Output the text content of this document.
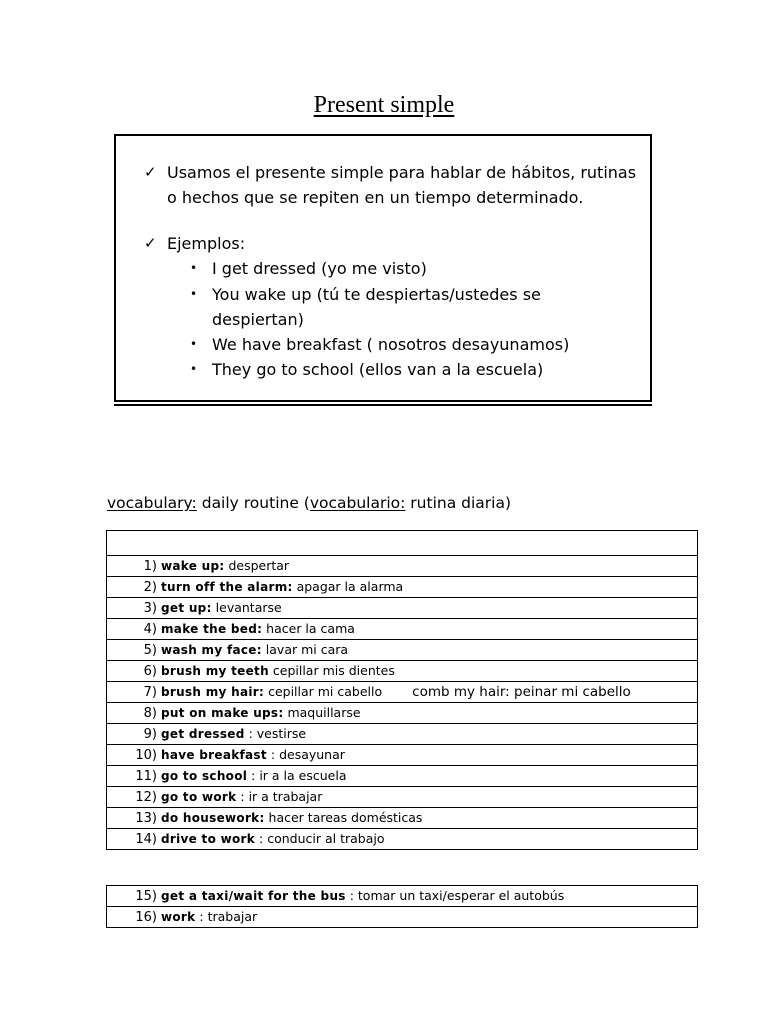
Present simple
✓ Usamos el presente simple para hablar de hábitos, rutinas
o hechos que se repiten en un tiempo determinado.
✓ Ejemplos:
• I get dressed (yo me visto)
• You wake up (tú te despiertas/ustedes se
despiertan)
• We have breakfast ( nosotros desayunamos)
• They go to school (ellos van a la escuela)
vocabulary: daily routine (vocabulario: rutina diaria)

1) wake up: despertar
2) turn off the alarm: apagar la alarma
3) get up: levantarse
4) make the bed: hacer la cama
5) wash my face: lavar mi cara
6) brush my teeth cepillar mis dientes
7) brush my hair: cepillar mi cabello comb my hair: peinar mi cabello
8) put on make ups: maquillarse
9) get dressed : vestirse
10) have breakfast : desayunar
11) go to school : ir a la escuela
12) go to work : ir a trabajar
13) do housework: hacer tareas domésticas
14) drive to work : conducir al trabajo
15) get a taxi/wait for the bus : tomar un taxi/esperar el autobús
16) work : trabajar
